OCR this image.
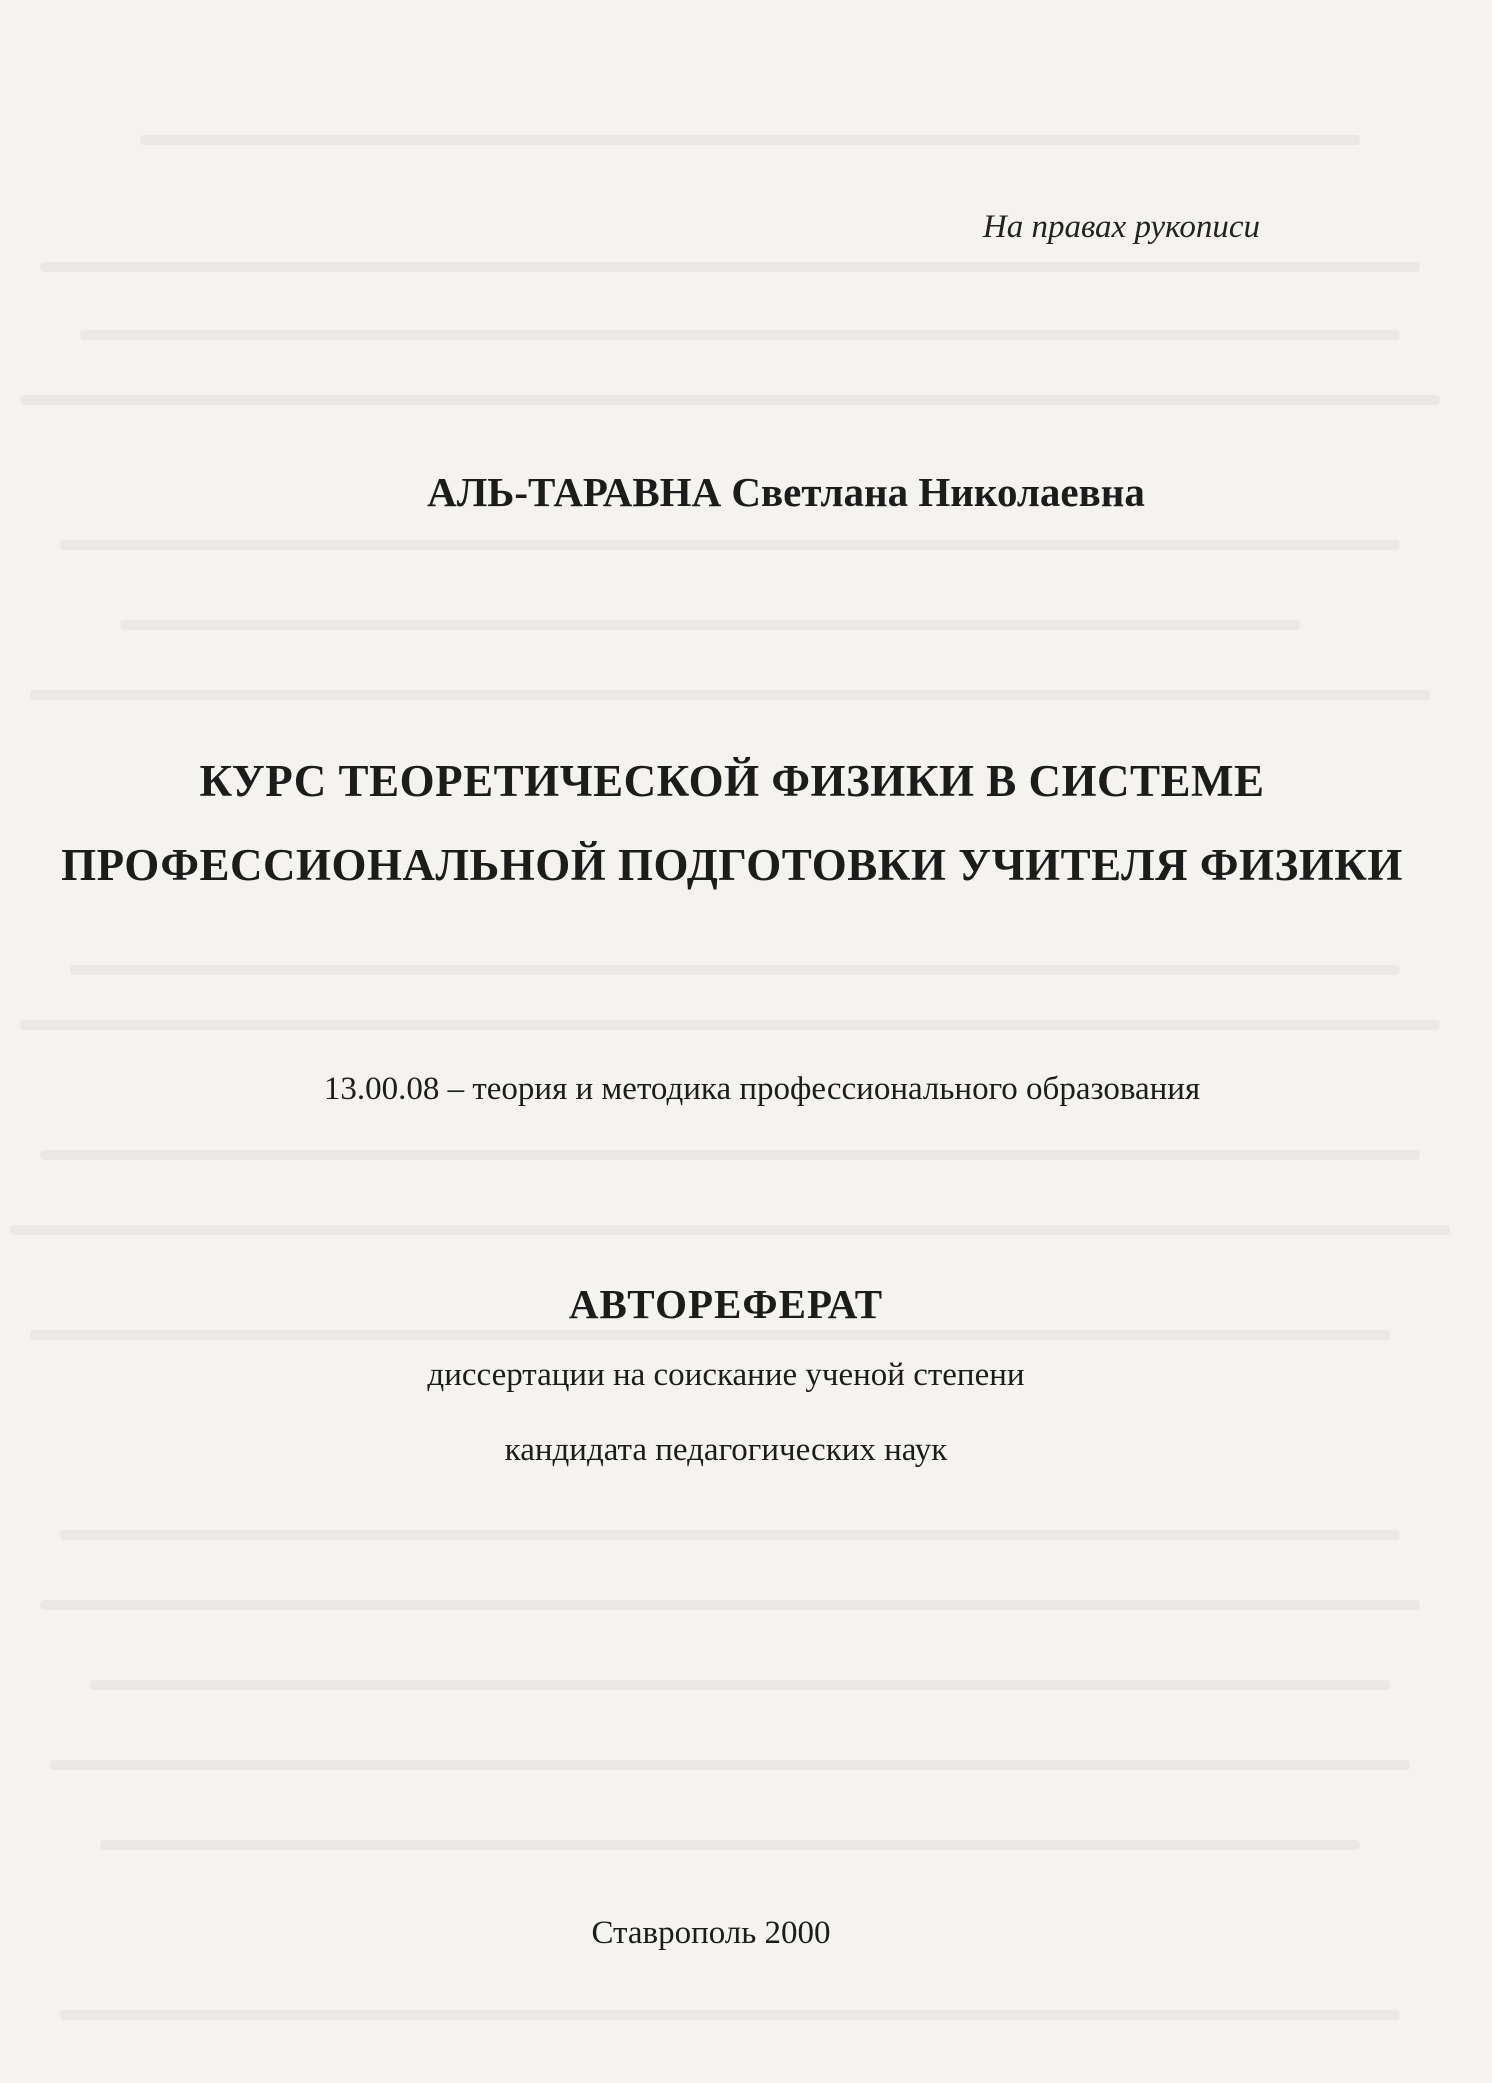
На правах рукописи

АЛЬ-ТАРАВНА Светлана Николаевна

КУРС ТЕОРЕТИЧЕСКОЙ ФИЗИКИ В СИСТЕМЕ

ПРОФЕССИОНАЛЬНОЙ ПОДГОТОВКИ УЧИТЕЛЯ ФИЗИКИ

13.00.08 – теория и методика профессионального образования

АВТОРЕФЕРАТ

диссертации на соискание ученой степени

кандидата педагогических наук

Ставрополь 2000
